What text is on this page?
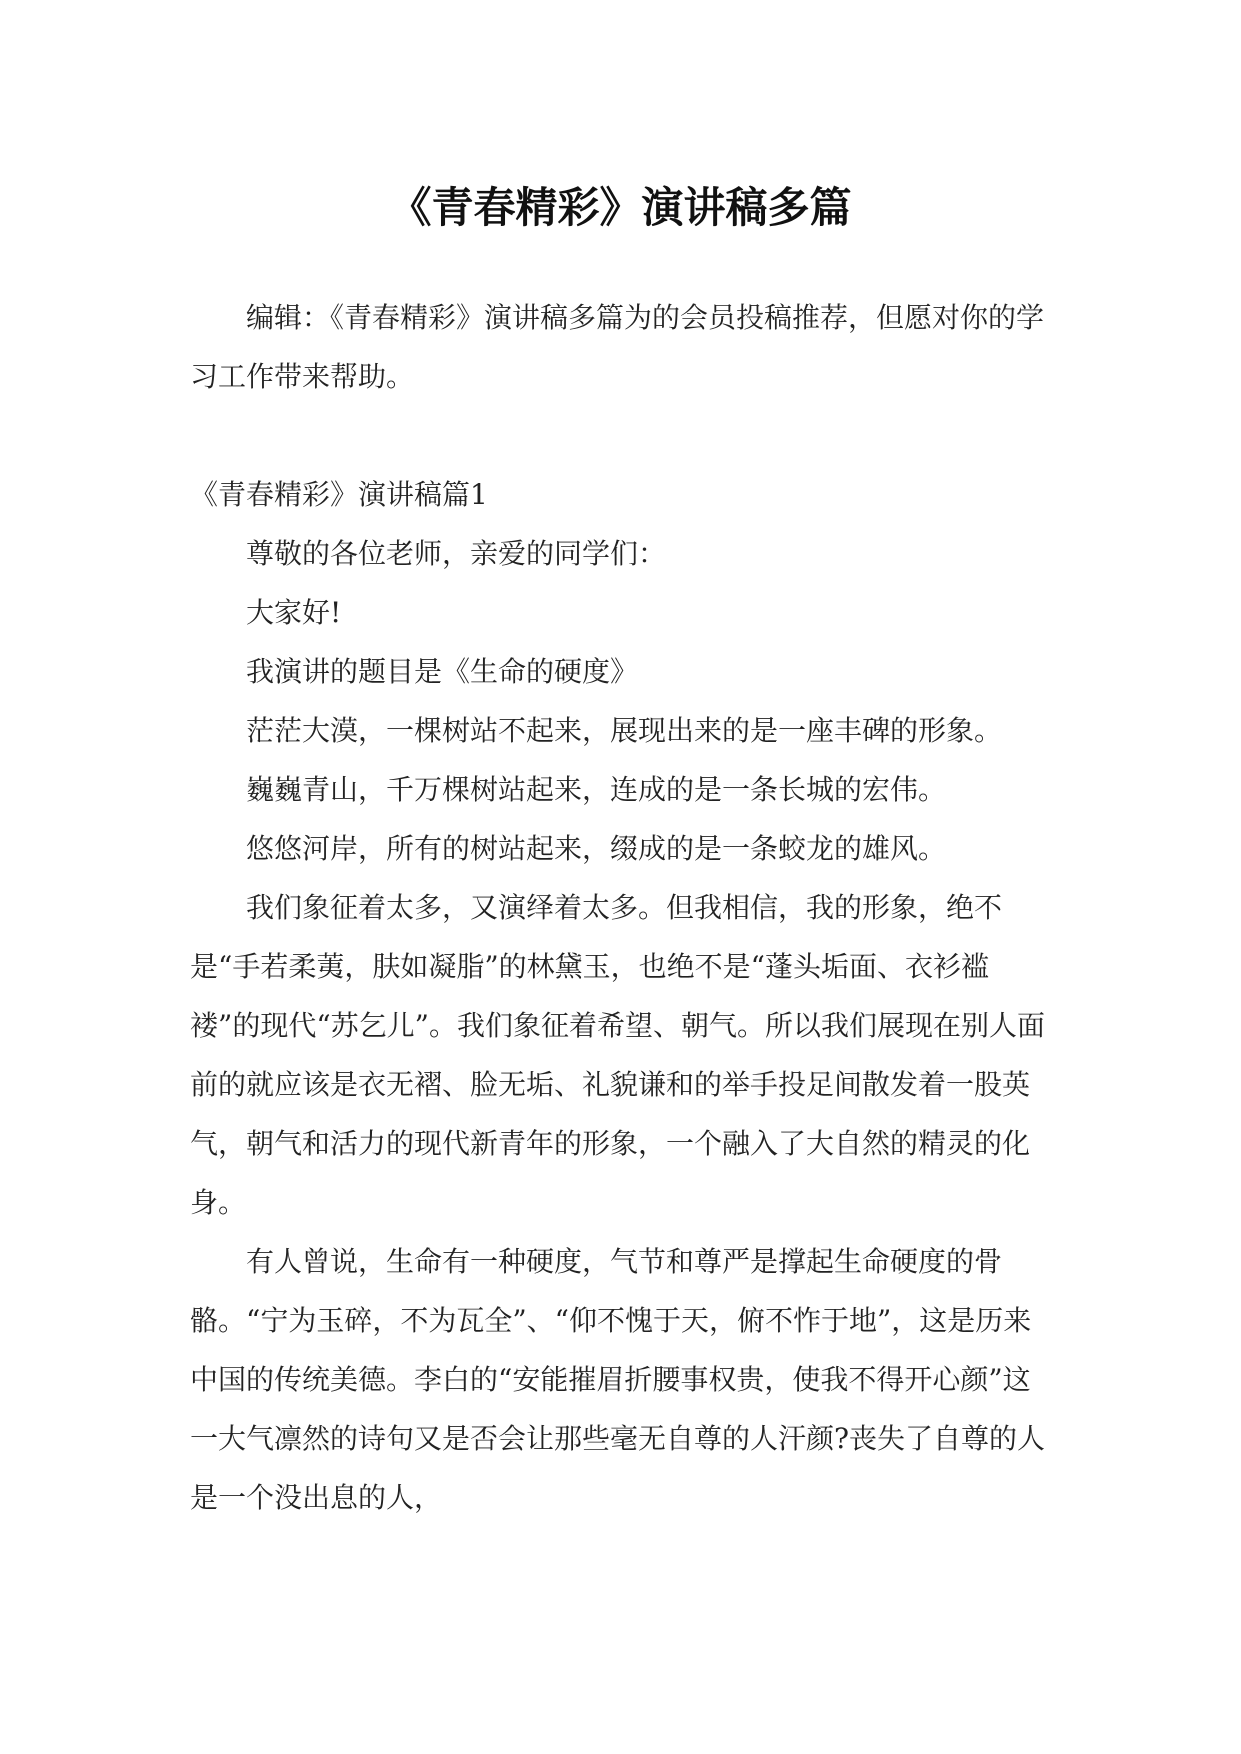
《青春精彩》演讲稿多篇

编辑：《青春精彩》演讲稿多篇为的会员投稿推荐，但愿对你的学习工作带来帮助。

《青春精彩》演讲稿篇1

尊敬的各位老师，亲爱的同学们：

大家好!

我演讲的题目是《生命的硬度》

茫茫大漠，一棵树站不起来，展现出来的是一座丰碑的形象。

巍巍青山，千万棵树站起来，连成的是一条长城的宏伟。

悠悠河岸，所有的树站起来，缀成的是一条蛟龙的雄风。

我们象征着太多，又演绎着太多。但我相信，我的形象，绝不是“手若柔荑，肤如凝脂”的林黛玉，也绝不是“蓬头垢面、衣衫褴褛”的现代“苏乞儿”。我们象征着希望、朝气。所以我们展现在别人面前的就应该是衣无褶、脸无垢、礼貌谦和的举手投足间散发着一股英气，朝气和活力的现代新青年的形象，一个融入了大自然的精灵的化身。

有人曾说，生命有一种硬度，气节和尊严是撑起生命硬度的骨骼。“宁为玉碎，不为瓦全”、“仰不愧于天，俯不怍于地”，这是历来中国的传统美德。李白的“安能摧眉折腰事权贵，使我不得开心颜”这一大气凛然的诗句又是否会让那些毫无自尊的人汗颜?丧失了自尊的人是一个没出息的人，
